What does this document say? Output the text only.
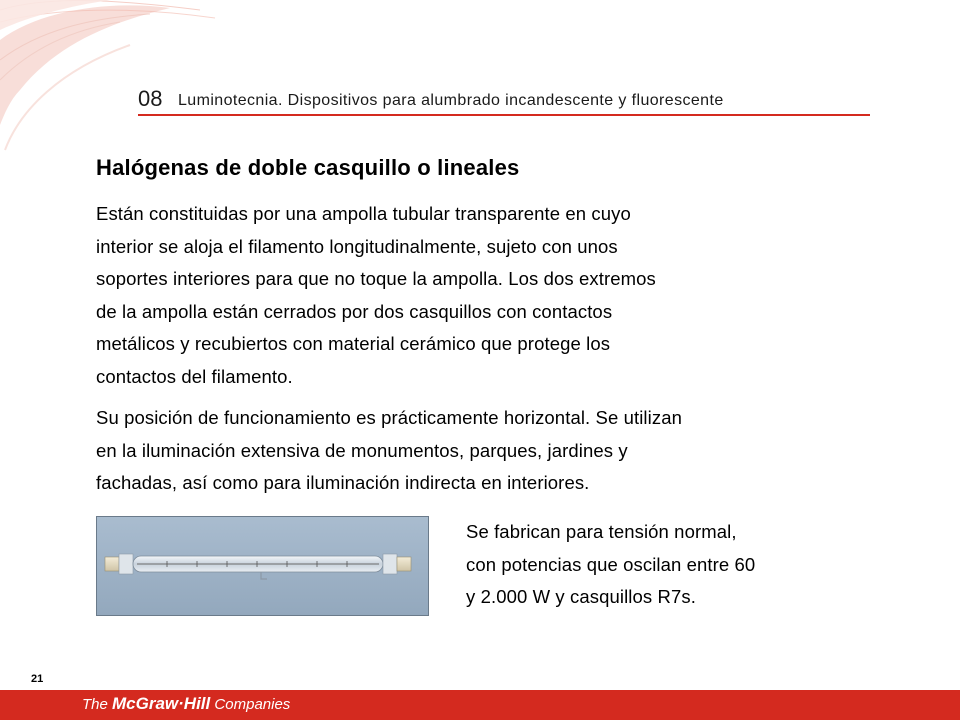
08 Luminotecnia. Dispositivos para alumbrado incandescente y fluorescente
Halógenas de doble casquillo o lineales
Están constituidas por una ampolla tubular transparente en cuyo
interior se aloja el filamento longitudinalmente, sujeto con unos
soportes interiores para que no toque la ampolla. Los dos extremos
de la ampolla están cerrados por dos casquillos con contactos
metálicos y recubiertos con material cerámico que protege los
contactos del filamento.
Su posición de funcionamiento es prácticamente horizontal. Se utilizan
en la iluminación extensiva de monumentos, parques, jardines y
fachadas, así como para iluminación indirecta en interiores.
Se fabrican para tensión normal,
con potencias que oscilan entre 60
y 2.000 W y casquillos R7s.
21
The McGraw·Hill Companies
